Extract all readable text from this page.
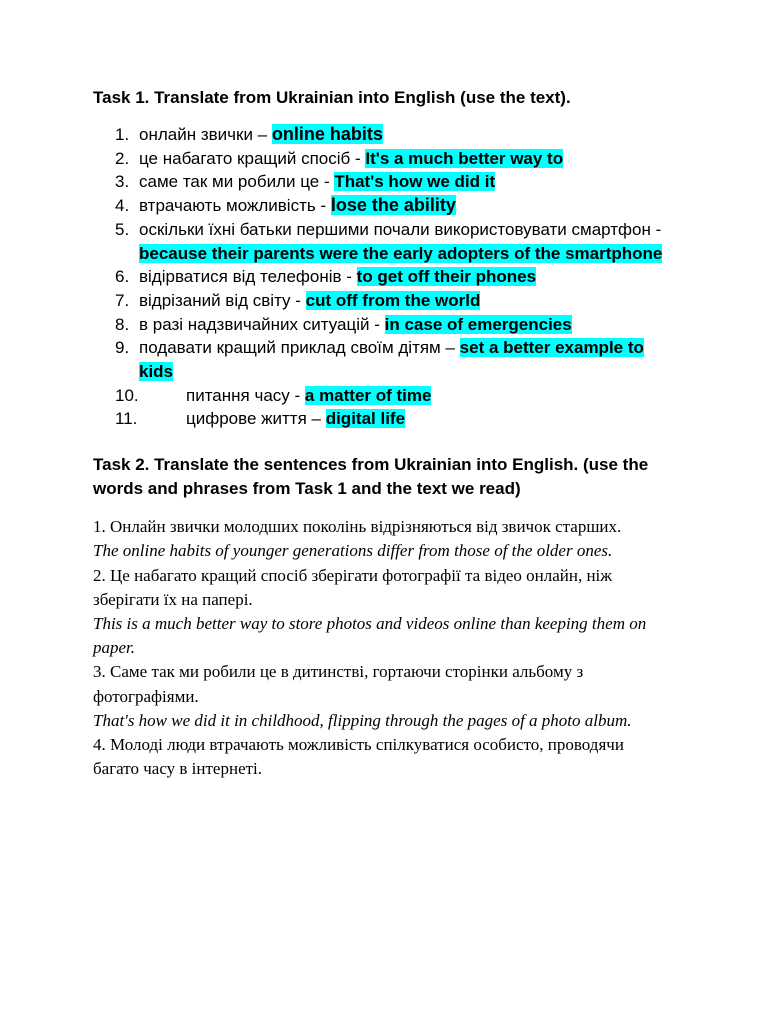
Task 1. Translate from Ukrainian into English (use the text).
1. онлайн звички – online habits
2. це набагато кращий спосіб - It's a much better way to
3. саме так ми робили це - That's how we did it
4. втрачають можливість - lose the ability
5. оскільки їхні батьки першими почали використовувати смартфон - because their parents were the early adopters of the smartphone
6. відірватися від телефонів - to get off their phones
7. відрізаний від світу - cut off from the world
8. в разі надзвичайних ситуацій - in case of emergencies
9. подавати кращий приклад своїм дітям – set a better example to kids
10.	питання часу - a matter of time
11.	цифрове життя – digital life
Task 2. Translate the sentences from Ukrainian into English. (use the words and phrases from Task 1 and the text we read)

1. Онлайн звички молодших поколінь відрізняються від звичок старших.

The online habits of younger generations differ from those of the older ones.

2. Це набагато кращий спосіб зберігати фотографії та відео онлайн, ніж зберігати їх на папері.

This is a much better way to store photos and videos online than keeping them on paper.

3. Саме так ми робили це в дитинстві, гортаючи сторінки альбому з фотографіями.

That's how we did it in childhood, flipping through the pages of a photo album.

4. Молоді люди втрачають можливість спілкуватися особисто, проводячи багато часу в інтернеті.
